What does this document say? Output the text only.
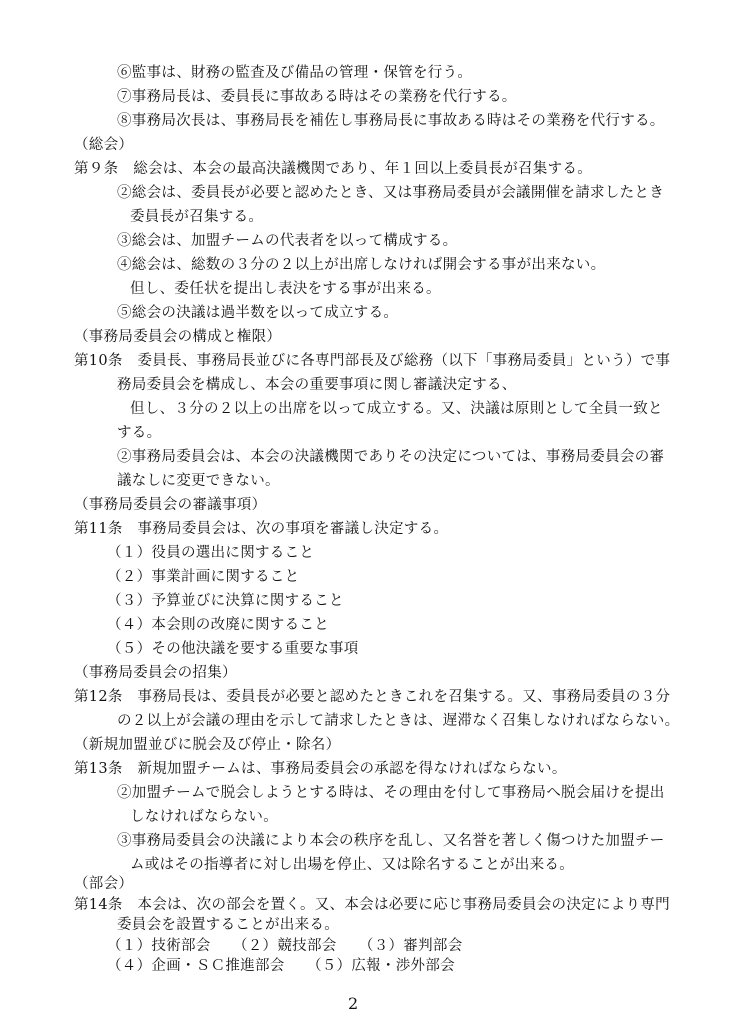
⑥監事は、財務の監査及び備品の管理・保管を行う。
⑦事務局長は、委員長に事故ある時はその業務を代行する。
⑧事務局次長は、事務局長を補佐し事務局長に事故ある時はその業務を代行する。
（総会）
第９条　総会は、本会の最高決議機関であり、年１回以上委員長が召集する。
②総会は、委員長が必要と認めたとき、又は事務局委員が会議開催を請求したとき
委員長が召集する。
③総会は、加盟チームの代表者を以って構成する。
④総会は、総数の３分の２以上が出席しなければ開会する事が出来ない。
但し、委任状を提出し表決をする事が出来る。
⑤総会の決議は過半数を以って成立する。
（事務局委員会の構成と権限）
第10条　委員長、事務局長並びに各専門部長及び総務（以下「事務局委員」という）で事
務局委員会を構成し、本会の重要事項に関し審議決定する、
但し、３分の２以上の出席を以って成立する。又、決議は原則として全員一致と
する。
②事務局委員会は、本会の決議機関でありその決定については、事務局委員会の審
議なしに変更できない。
（事務局委員会の審議事項）
第11条　事務局委員会は、次の事項を審議し決定する。
（１）役員の選出に関すること
（２）事業計画に関すること
（３）予算並びに決算に関すること
（４）本会則の改廃に関すること
（５）その他決議を要する重要な事項
（事務局委員会の招集）
第12条　事務局長は、委員長が必要と認めたときこれを召集する。又、事務局委員の３分
の２以上が会議の理由を示して請求したときは、遅滞なく召集しなければならない。
（新規加盟並びに脱会及び停止・除名）
第13条　新規加盟チームは、事務局委員会の承認を得なければならない。
②加盟チームで脱会しようとする時は、その理由を付して事務局へ脱会届けを提出
しなければならない。
③事務局委員会の決議により本会の秩序を乱し、又名誉を著しく傷つけた加盟チー
ム或はその指導者に対し出場を停止、又は除名することが出来る。
（部会）
第14条　本会は、次の部会を置く。又、本会は必要に応じ事務局委員会の決定により専門
委員会を設置することが出来る。
（１）技術部会　　（２）競技部会　　（３）審判部会
（４）企画・ＳＣ推進部会　　（５）広報・渉外部会
2
